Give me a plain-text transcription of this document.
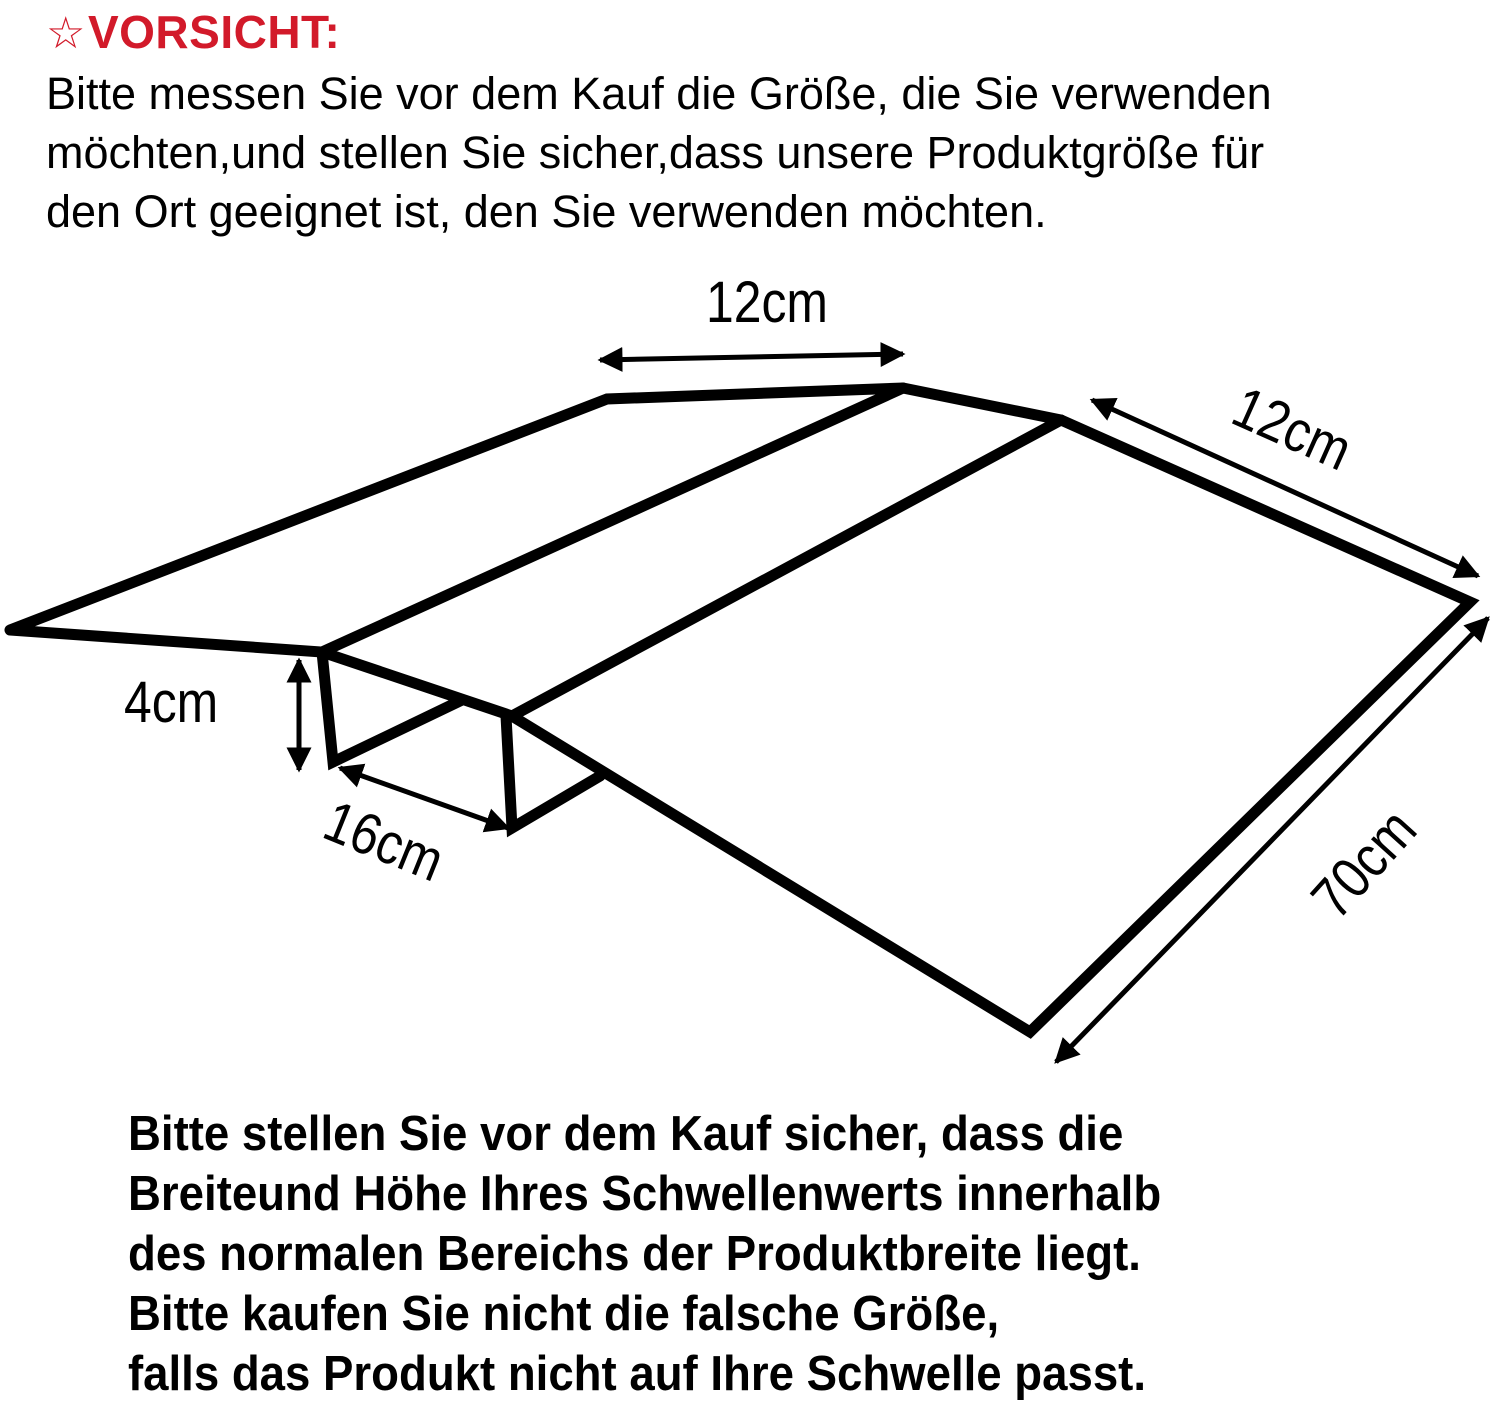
☆VORSICHT:
Bitte messen Sie vor dem Kauf die Größe, die Sie verwenden
möchten,und stellen Sie sicher,dass unsere Produktgröße für
den Ort geeignet ist, den Sie verwenden möchten.
12cm
12cm
4cm
16cm	70cm
Bitte stellen Sie vor dem Kauf sicher, dass die
Breiteund Höhe Ihres Schwellenwerts innerhalb
des normalen Bereichs der Produktbreite liegt.
Bitte kaufen Sie nicht die falsche Größe,
falls das Produkt nicht auf Ihre Schwelle passt.
